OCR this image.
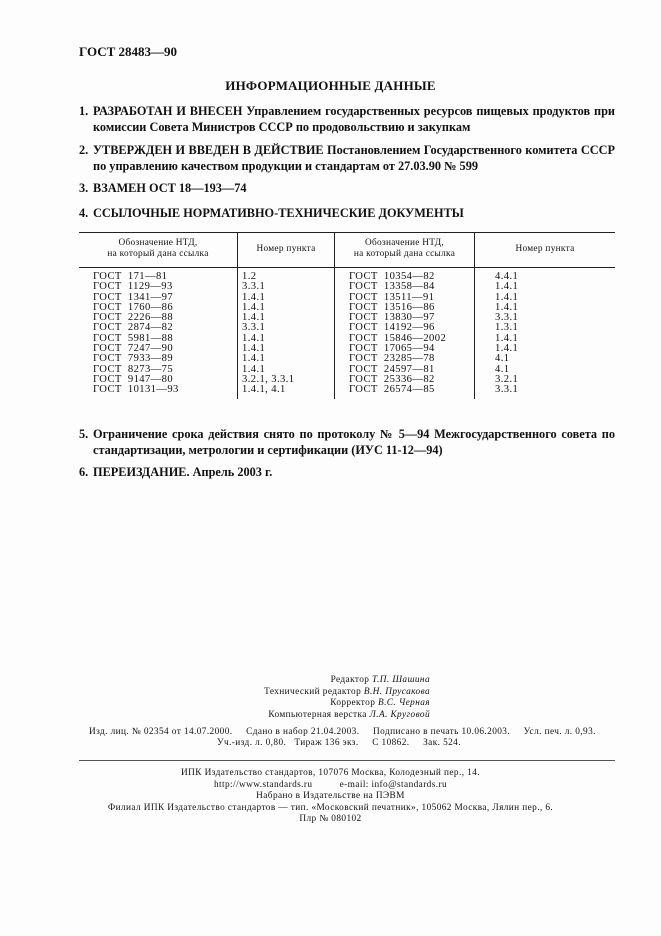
ГОСТ 28483—90
ИНФОРМАЦИОННЫЕ ДАННЫЕ
1. РАЗРАБОТАН И ВНЕСЕН Управлением государственных ресурсов пищевых продуктов при комиссии Совета Министров СССР по продовольствию и закупкам
2. УТВЕРЖДЕН И ВВЕДЕН В ДЕЙСТВИЕ Постановлением Государственного комитета СССР по управлению качеством продукции и стандартам от 27.03.90 № 599
3. ВЗАМЕН ОСТ 18—193—74
4. ССЫЛОЧНЫЕ НОРМАТИВНО-ТЕХНИЧЕСКИЕ ДОКУМЕНТЫ
Обозначение НТД,
на который дана ссылка	Номер пункта	Обозначение НТД,
на который дана ссылка	Номер пункта
ГОСТ  171—81	1.2	ГОСТ  10354—82	4.4.1
ГОСТ  1129—93	3.3.1	ГОСТ  13358—84	1.4.1
ГОСТ  1341—97	1.4.1	ГОСТ  13511—91	1.4.1
ГОСТ  1760—86	1.4.1	ГОСТ  13516—86	1.4.1
ГОСТ  2226—88	1.4.1	ГОСТ  13830—97	3.3.1
ГОСТ  2874—82	3.3.1	ГОСТ  14192—96	1.3.1
ГОСТ  5981—88	1.4.1	ГОСТ  15846—2002	1.4.1
ГОСТ  7247—90	1.4.1	ГОСТ  17065—94	1.4.1
ГОСТ  7933—89	1.4.1	ГОСТ  23285—78	4.1
ГОСТ  8273—75	1.4.1	ГОСТ  24597—81	4.1
ГОСТ  9147—80	3.2.1, 3.3.1	ГОСТ  25336—82	3.2.1
ГОСТ  10131—93	1.4.1, 4.1	ГОСТ  26574—85	3.3.1
5. Ограничение срока действия снято по протоколу № 5—94 Межгосударственного совета по стандартизации, метрологии и сертификации (ИУС 11-12—94)
6. ПЕРЕИЗДАНИЕ. Апрель 2003 г.
Редактор Т.П. Шашина
Технический редактор В.Н. Прусакова
Корректор В.С. Черная
Компьютерная верстка Л.А. Круговой
Изд. лиц. № 02354 от 14.07.2000.     Сдано в набор 21.04.2003.     Подписано в печать 10.06.2003.     Усл. печ. л. 0,93.
Уч.-изд. л. 0,80.   Тираж 136 экз.     С 10862.     Зак. 524.
ИПК Издательство стандартов, 107076 Москва, Колодезный пер., 14.
http://www.standards.ru          e-mail: info@standards.ru
Набрано в Издательстве на ПЭВМ
Филиал ИПК Издательство стандартов — тип. «Московский печатник», 105062 Москва, Лялин пер., 6.
Плр № 080102
